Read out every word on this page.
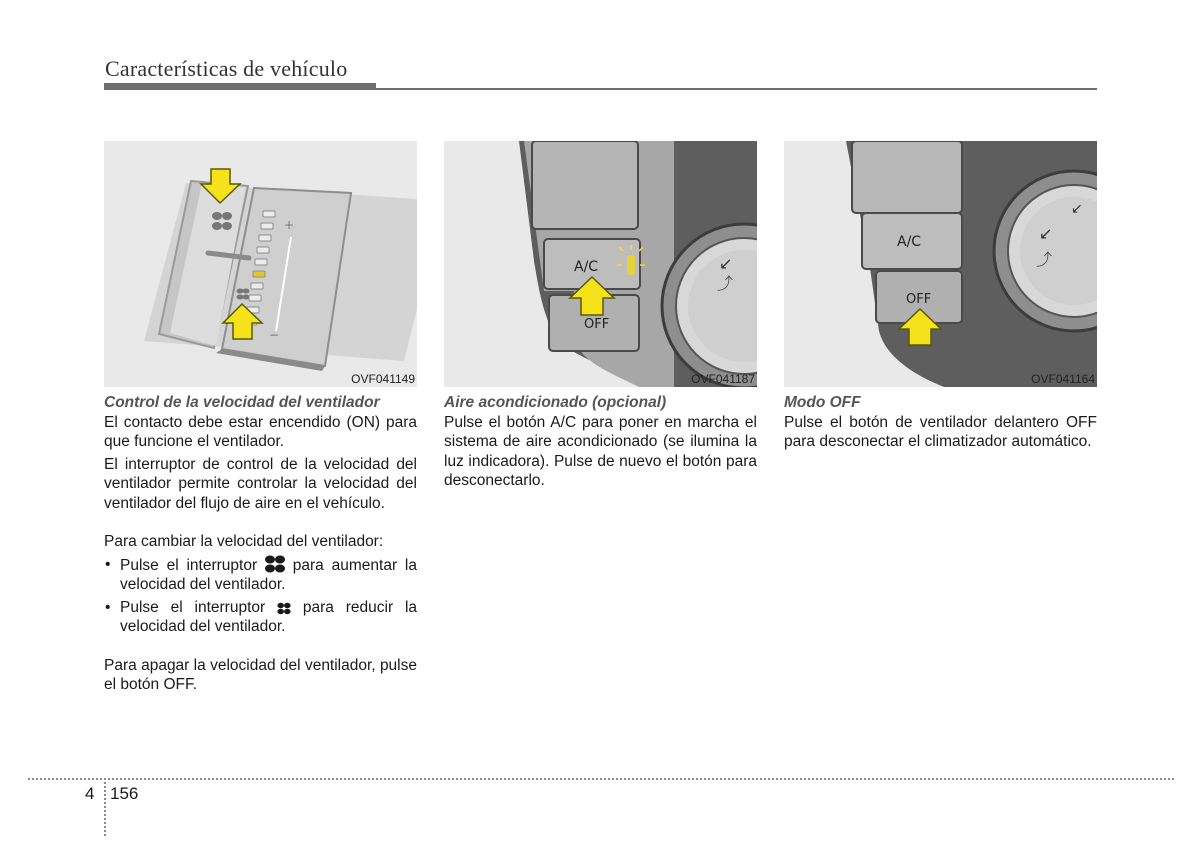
Características de vehículo
+
−
OVF041149
↙
⤴
A/C
OFF
OVF041187
↙
⤴
↙
A/C
OFF
OVF041164
Control de la velocidad del ventilador

El contacto debe estar encendido (ON) para que funcione el ventilador.

El interruptor de control de la velocidad del ventilador permite controlar la velocidad del ventilador del flujo de aire en el vehículo.

Para cambiar la velocidad del ventilador:

• Pulse el interruptor para aumentar la velocidad del ventilador.
• Pulse el interruptor para reducir la velocidad del ventilador.

Para apagar la velocidad del ventilador, pulse el botón OFF.

Aire acondicionado (opcional)

Pulse el botón A/C para poner en marcha el sistema de aire acondicionado (se ilumina la luz indicadora). Pulse de nuevo el botón para desconectarlo.

Modo OFF

Pulse el botón de ventilador delantero OFF para desconectar el climatizador automático.

4 156
